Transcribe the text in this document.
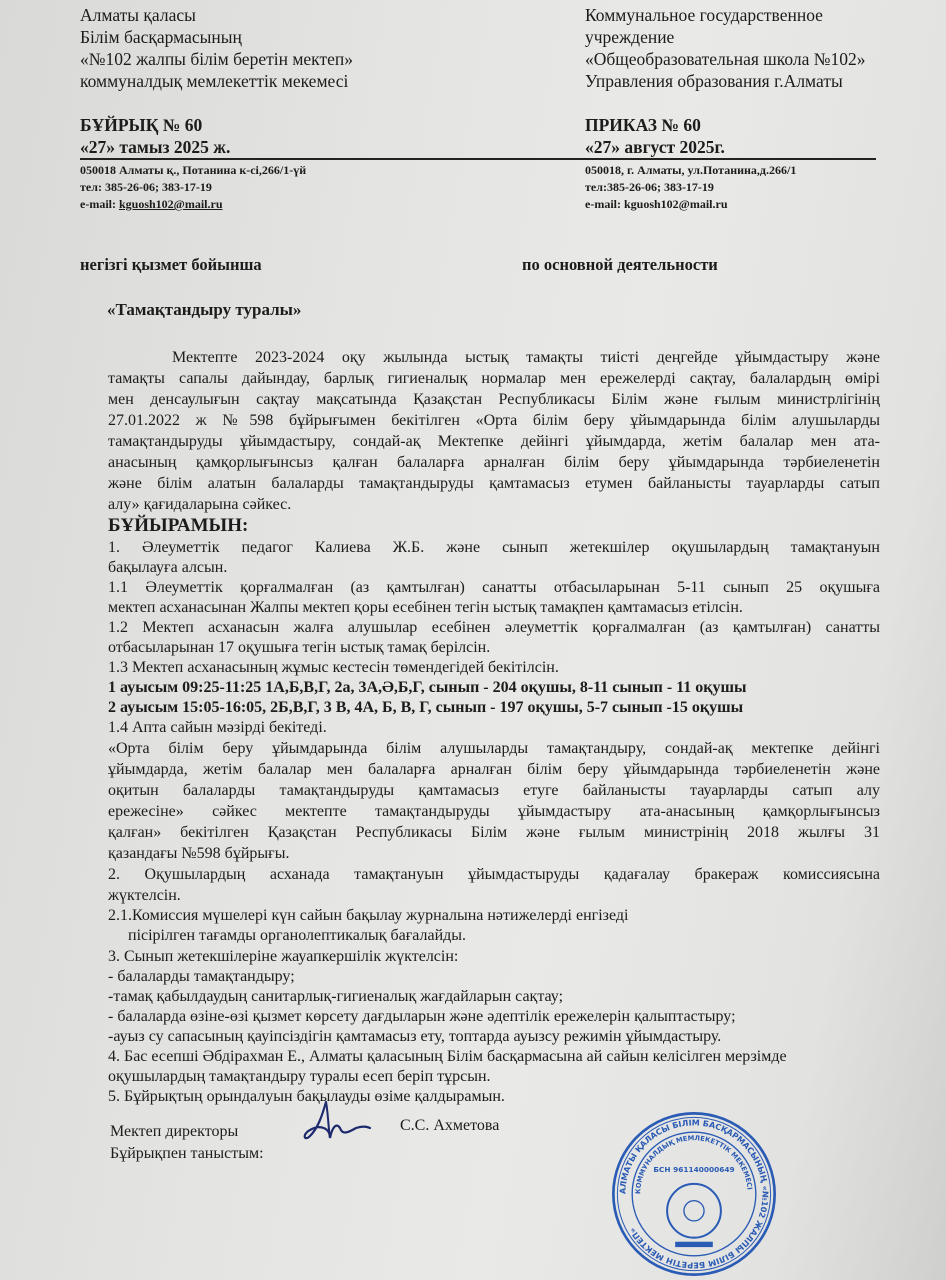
Алматы қаласы
Білім басқармасының
«№102 жалпы білім беретін мектеп»
коммуналдық мемлекеттік мекемесі
Коммунальное государственное
учреждение
«Общеобразовательная школа №102»
Управления образования г.Алматы
БҰЙРЫҚ № 60
«27» тамыз 2025 ж.
ПРИКАЗ № 60
«27» август 2025г.
050018 Алматы қ., Потанина к-сі,266/1-үй
тел: 385-26-06; 383-17-19
e-mail: kguosh102@mail.ru
050018, г. Алматы, ул.Потанина,д.266/1
тел:385-26-06; 383-17-19
e-mail: kguosh102@mail.ru
негізгі қызмет бойынша	по основной деятельности
«Тамақтандыру туралы»
Мектепте 2023-2024 оқу жылында ыстық тамақты тиісті деңгейде ұйымдастыру және
тамақты сапалы дайындау, барлық гигиеналық нормалар мен ережелерді сақтау, балалардың өмірі
мен денсаулығын сақтау мақсатында Қазақстан Республикасы Білім және ғылым министрлігінің
27.01.2022 ж №598 бұйрығымен бекітілген «Орта білім беру ұйымдарында білім алушыларды
тамақтандыруды ұйымдастыру, сондай-ақ Мектепке дейінгі ұйымдарда, жетім балалар мен ата-
анасының қамқорлығынсыз қалған балаларға арналған білім беру ұйымдарында тәрбиеленетін
және білім алатын балаларды тамақтандыруды қамтамасыз етумен байланысты тауарларды сатып
алу» қағидаларына сәйкес.
БҰЙЫРАМЫН:
1. Әлеуметтік педагог Калиева Ж.Б. және сынып жетекшілер оқушылардың тамақтануын
бақылауға алсын.
1.1 Әлеуметтік қорғалмалған (аз қамтылған) санатты отбасыларынан 5-11 сынып 25 оқушыға
мектеп асханасынан Жалпы мектеп қоры есебінен тегін ыстық тамақпен қамтамасыз етілсін.
1.2 Мектеп асханасын жалға алушылар есебінен әлеуметтік қорғалмалған (аз қамтылған) санатты
отбасыларынан 17 оқушыға тегін ыстық тамақ берілсін.
1.3 Мектеп асханасының жұмыс кестесін төмендегідей бекітілсін.
1 ауысым 09:25-11:25 1А,Б,В,Г, 2а, 3А,Ә,Б,Г, сынып - 204 оқушы, 8-11 сынып - 11 оқушы
2 ауысым 15:05-16:05, 2Б,В,Г, 3 В, 4А, Б, В, Г, сынып - 197 оқушы, 5-7 сынып -15 оқушы
1.4 Апта сайын мәзірді бекітеді.
«Орта білім беру ұйымдарында білім алушыларды тамақтандыру, сондай-ақ мектепке дейінгі
ұйымдарда, жетім балалар мен балаларға арналған білім беру ұйымдарында тәрбиеленетін және
оқитын балаларды тамақтандыруды қамтамасыз етуге байланысты тауарларды сатып алу
ережесіне» сәйкес мектепте тамақтандыруды ұйымдастыру ата-анасының қамқорлығынсыз
қалған» бекітілген Қазақстан Республикасы Білім және ғылым министрінің 2018 жылғы 31
қазандағы №598 бұйрығы.
2. Оқушылардың асханада тамақтануын ұйымдастыруды қадағалау бракераж комиссиясына
жүктелсін.
2.1.Комиссия мүшелері күн сайын бақылау журналына нәтижелерді енгізеді
пісірілген тағамды органолептикалық бағалайды.
3. Сынып жетекшілеріне жауапкершілік жүктелсін:
- балаларды тамақтандыру;
-тамақ қабылдаудың санитарлық-гигиеналық жағдайларын сақтау;
- балаларда өзіне-өзі қызмет көрсету дағдыларын және әдептілік ережелерін қалыптастыру;
-ауыз су сапасының қауіпсіздігін қамтамасыз ету, топтарда ауызсу режимін ұйымдастыру.
4. Бас есепші Әбдірахман Е., Алматы қаласының Білім басқармасына ай сайын келісілген мерзімде
оқушылардың тамақтандыру туралы есеп беріп тұрсын.
5. Бұйрықтың орындалуын бақылауды өзіме қалдырамын.
Мектеп директоры
Бұйрықпен таныстым:
С.С. Ахметова
АЛМАТЫ ҚАЛАСЫ БІЛІМ БАСҚАРМАСЫНЫҢ «№102 ЖАЛПЫ БІЛІМ БЕРЕТІН МЕКТЕП»
КОММУНАЛДЫҚ МЕМЛЕКЕТТІК МЕКЕМЕСІ
БСН 961140000649
